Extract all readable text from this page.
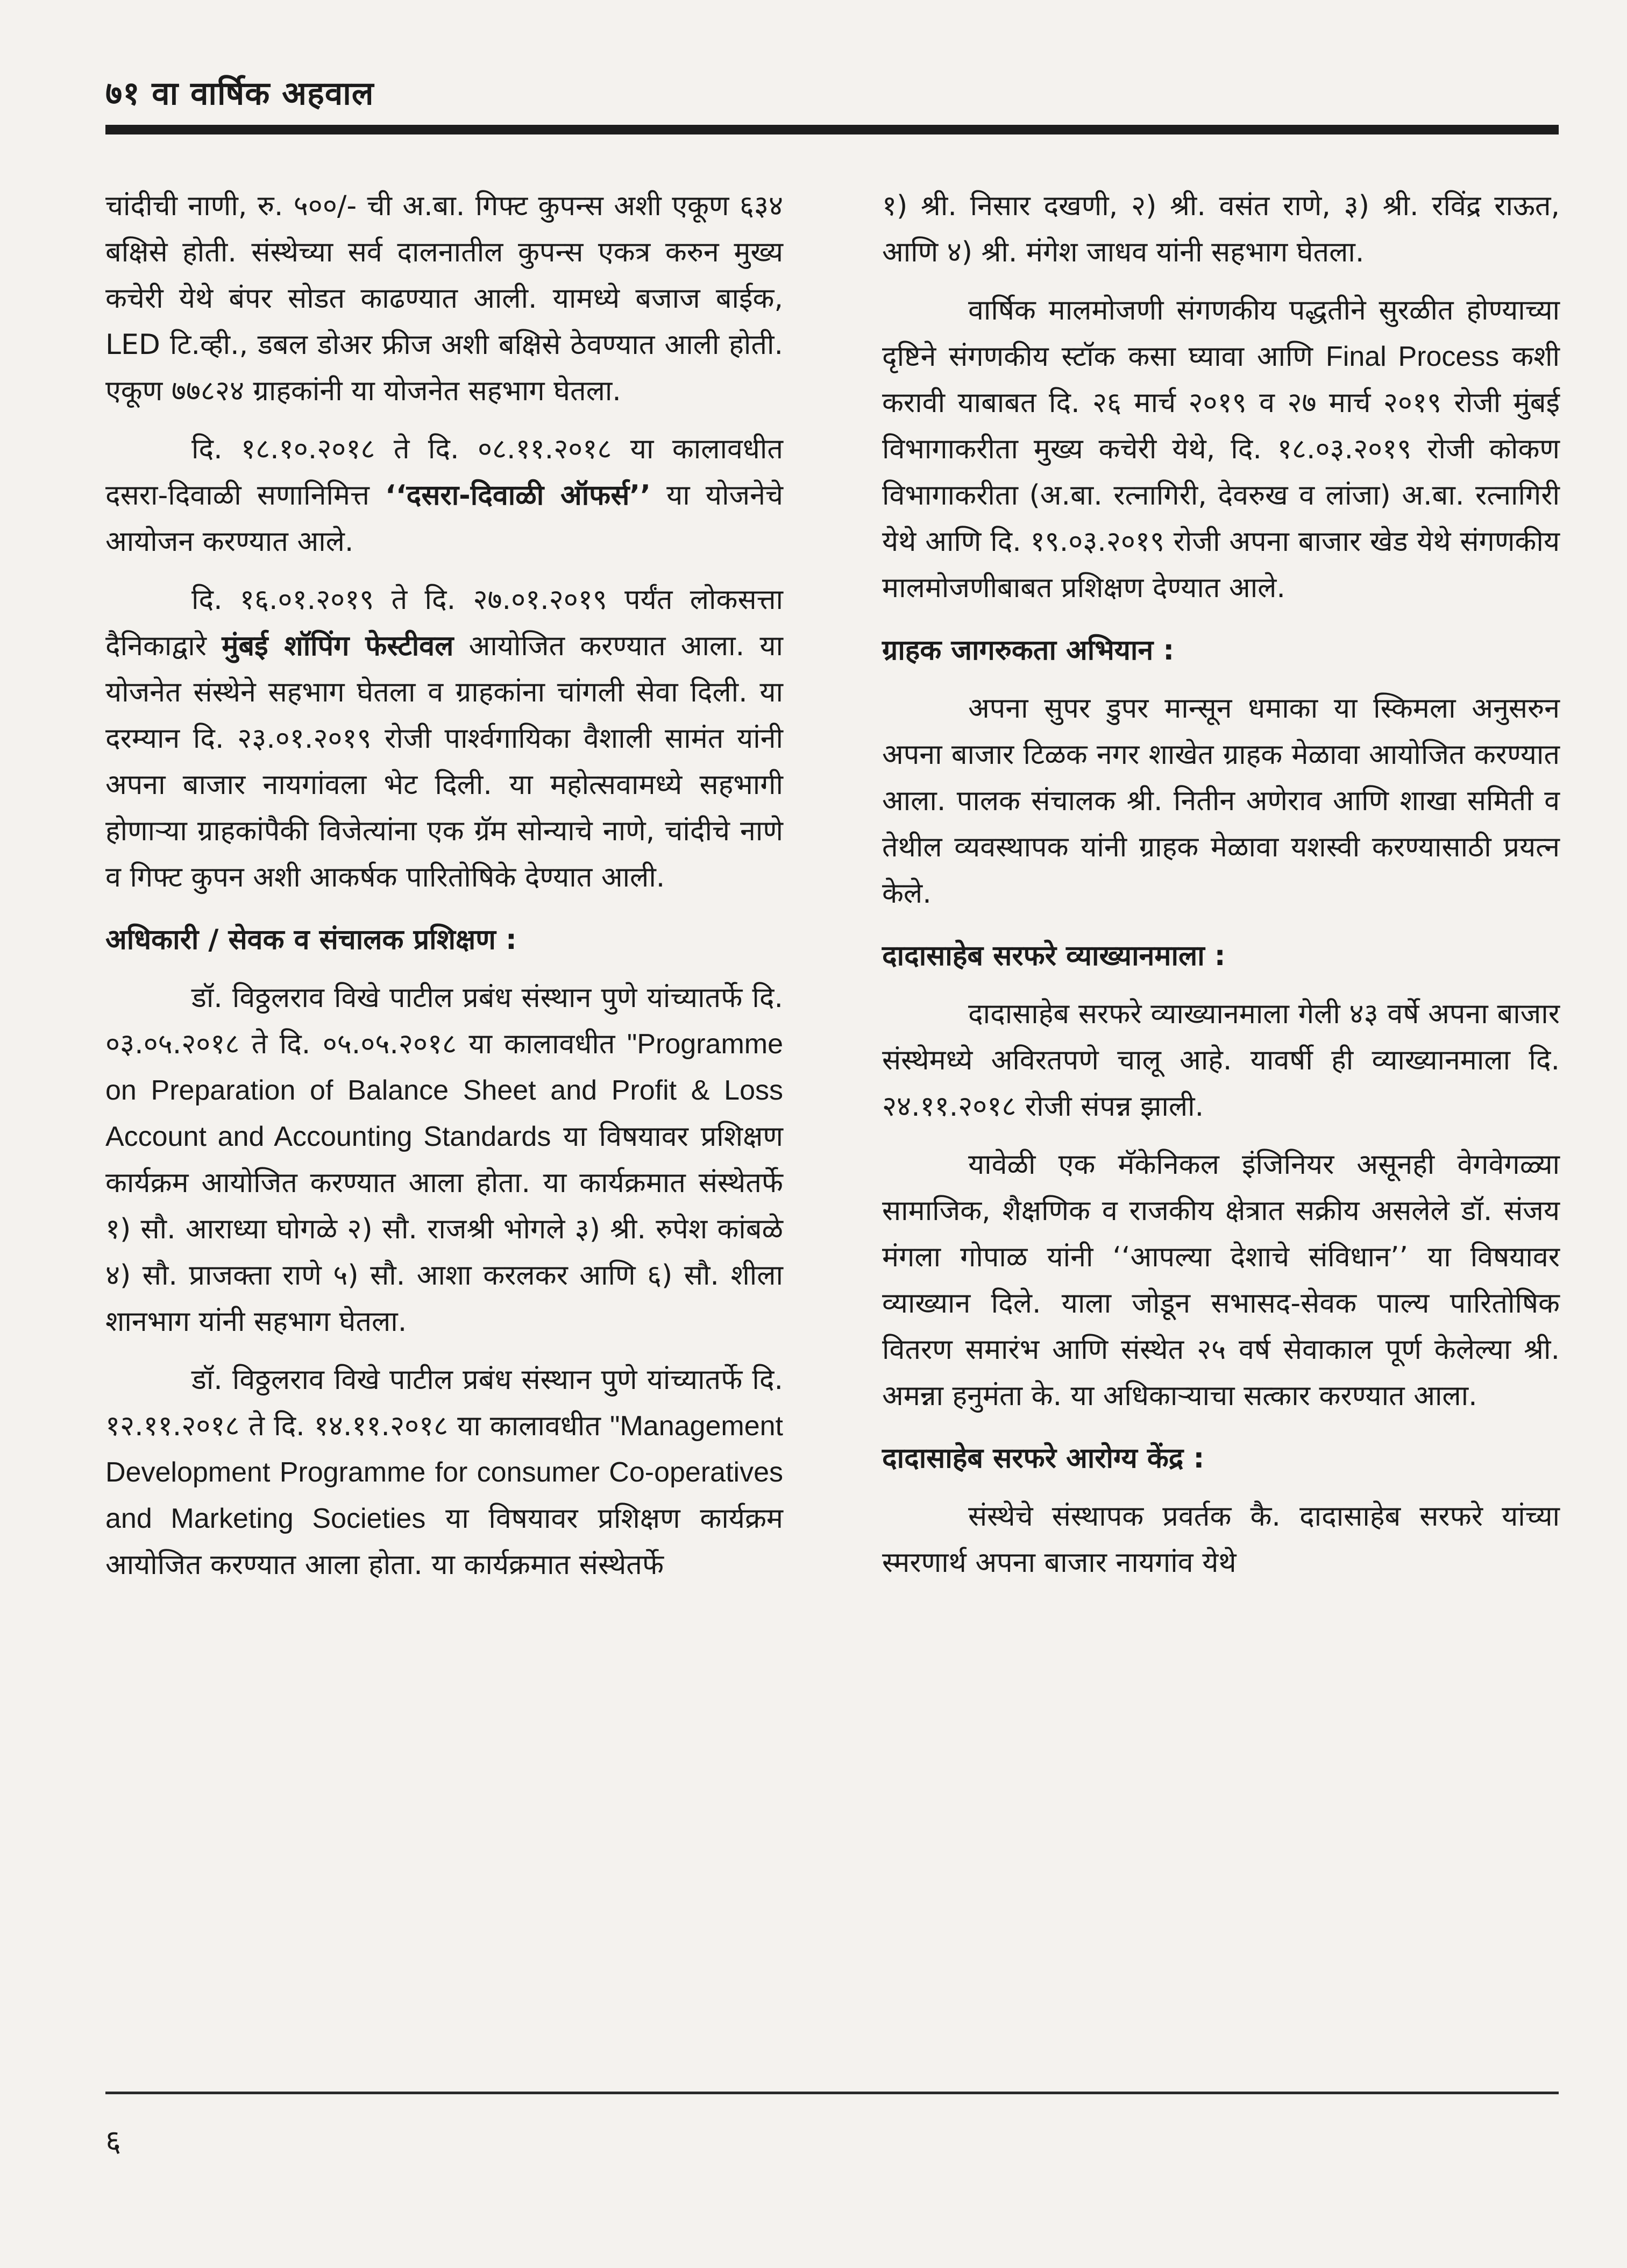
७१ वा वार्षिक अहवाल

चांदीची नाणी, रु. ५००/- ची अ.बा. गिफ्ट कुपन्स अशी एकूण ६३४ बक्षिसे होती. संस्थेच्या सर्व दालनातील कुपन्स एकत्र करुन मुख्य कचेरी येथे बंपर सोडत काढण्यात आली. यामध्ये बजाज बाईक, LED टि.व्ही., डबल डोअर फ्रीज अशी बक्षिसे ठेवण्यात आली होती. एकूण ७७८२४ ग्राहकांनी या योजनेत सहभाग घेतला.

दि. १८.१०.२०१८ ते दि. ०८.११.२०१८ या कालावधीत दसरा-दिवाळी सणानिमित्त ‘‘दसरा-दिवाळी ऑफर्स’’ या योजनेचे आयोजन करण्यात आले.

दि. १६.०१.२०१९ ते दि. २७.०१.२०१९ पर्यंत लोकसत्ता दैनिकाद्वारे मुंबई शॉपिंग फेस्टीवल आयोजित करण्यात आला. या योजनेत संस्थेने सहभाग घेतला व ग्राहकांना चांगली सेवा दिली. या दरम्यान दि. २३.०१.२०१९ रोजी पार्श्वगायिका वैशाली सामंत यांनी अपना बाजार नायगांवला भेट दिली. या महोत्सवामध्ये सहभागी होणाऱ्या ग्राहकांपैकी विजेत्यांना एक ग्रॅम सोन्याचे नाणे, चांदीचे नाणे व गिफ्ट कुपन अशी आकर्षक पारितोषिके देण्यात आली.

अधिकारी / सेवक व संचालक प्रशिक्षण :

डॉ. विठ्ठलराव विखे पाटील प्रबंध संस्थान पुणे यांच्यातर्फे दि. ०३.०५.२०१८ ते दि. ०५.०५.२०१८ या कालावधीत "Programme on Preparation of Balance Sheet and Profit & Loss Account and Accounting Standards या विषयावर प्रशिक्षण कार्यक्रम आयोजित करण्यात आला होता. या कार्यक्रमात संस्थेतर्फे १) सौ. आराध्या घोगळे २) सौ. राजश्री भोगले ३) श्री. रुपेश कांबळे ४) सौ. प्राजक्ता राणे ५) सौ. आशा करलकर आणि ६) सौ. शीला शानभाग यांनी सहभाग घेतला.

डॉ. विठ्ठलराव विखे पाटील प्रबंध संस्थान पुणे यांच्यातर्फे दि. १२.११.२०१८ ते दि. १४.११.२०१८ या कालावधीत "Management Development Programme for consumer Co-operatives and Marketing Societies या विषयावर प्रशिक्षण कार्यक्रम आयोजित करण्यात आला होता. या कार्यक्रमात संस्थेतर्फे

१) श्री. निसार दखणी, २) श्री. वसंत राणे, ३) श्री. रविंद्र राऊत, आणि ४) श्री. मंगेश जाधव यांनी सहभाग घेतला.

वार्षिक मालमोजणी संगणकीय पद्धतीने सुरळीत होण्याच्या दृष्टिने संगणकीय स्टॉक कसा घ्यावा आणि Final Process कशी करावी याबाबत दि. २६ मार्च २०१९ व २७ मार्च २०१९ रोजी मुंबई विभागाकरीता मुख्य कचेरी येथे, दि. १८.०३.२०१९ रोजी कोकण विभागाकरीता (अ.बा. रत्नागिरी, देवरुख व लांजा) अ.बा. रत्नागिरी येथे आणि दि. १९.०३.२०१९ रोजी अपना बाजार खेड येथे संगणकीय मालमोजणीबाबत प्रशिक्षण देण्यात आले.

ग्राहक जागरुकता अभियान :

अपना सुपर डुपर मान्सून धमाका या स्किमला अनुसरुन अपना बाजार टिळक नगर शाखेत ग्राहक मेळावा आयोजित करण्यात आला. पालक संचालक श्री. नितीन अणेराव आणि शाखा समिती व तेथील व्यवस्थापक यांनी ग्राहक मेळावा यशस्वी करण्यासाठी प्रयत्न केले.

दादासाहेब सरफरे व्याख्यानमाला :

दादासाहेब सरफरे व्याख्यानमाला गेली ४३ वर्षे अपना बाजार संस्थेमध्ये अविरतपणे चालू आहे. यावर्षी ही व्याख्यानमाला दि. २४.११.२०१८ रोजी संपन्न झाली.

यावेळी एक मॅकेनिकल इंजिनियर असूनही वेगवेगळ्या सामाजिक, शैक्षणिक व राजकीय क्षेत्रात सक्रीय असलेले डॉ. संजय मंगला गोपाळ यांनी ‘‘आपल्या देशाचे संविधान’’ या विषयावर व्याख्यान दिले. याला जोडून सभासद-सेवक पाल्य पारितोषिक वितरण समारंभ आणि संस्थेत २५ वर्ष सेवाकाल पूर्ण केलेल्या श्री. अमन्ना हनुमंता के. या अधिकाऱ्याचा सत्कार करण्यात आला.

दादासाहेब सरफरे आरोग्य केंद्र :

संस्थेचे संस्थापक प्रवर्तक कै. दादासाहेब सरफरे यांच्या स्मरणार्थ अपना बाजार नायगांव येथे

६
